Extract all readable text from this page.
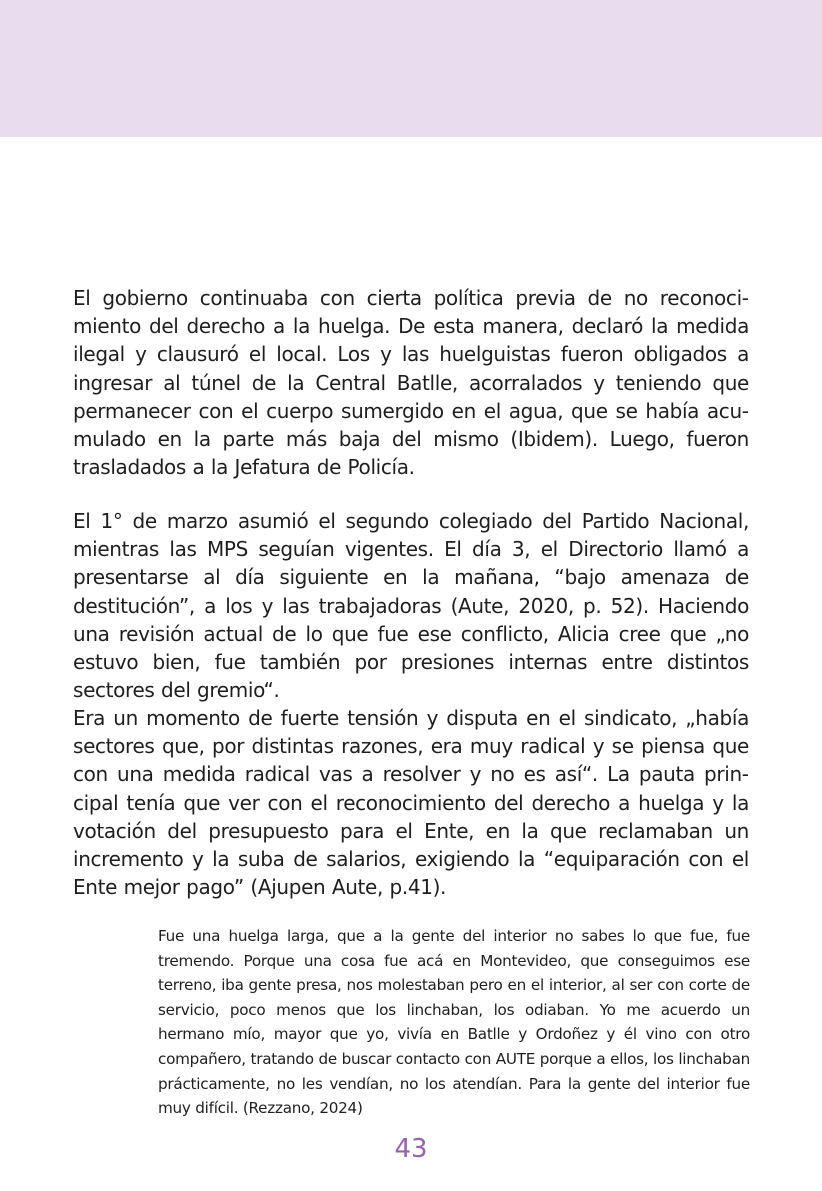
El gobierno continuaba con cierta política previa de no reconocimiento del derecho a la huelga. De esta manera, declaró la medida ilegal y clausuró el local. Los y las huelguistas fueron obligados a ingresar al túnel de la Central Batlle, acorralados y teniendo que permanecer con el cuerpo sumergido en el agua, que se había acumulado en la parte más baja del mismo (Ibidem). Luego, fueron trasladados a la Jefatura de Policía.

El 1° de marzo asumió el segundo colegiado del Partido Nacional, mientras las MPS seguían vigentes. El día 3, el Directorio llamó a presentarse al día siguiente en la mañana, “bajo amenaza de destitución”, a los y las trabajadoras (Aute, 2020, p. 52). Haciendo una revisión actual de lo que fue ese conflicto, Alicia cree que „no estuvo bien, fue también por presiones internas entre distintos sectores del gremio“.

Era un momento de fuerte tensión y disputa en el sindicato, „había sectores que, por distintas razones, era muy radical y se piensa que con una medida radical vas a resolver y no es así“. La pauta principal tenía que ver con el reconocimiento del derecho a huelga y la votación del presupuesto para el Ente, en la que reclamaban un incremento y la suba de salarios, exigiendo la “equiparación con el Ente mejor pago” (Ajupen Aute, p.41).

Fue una huelga larga, que a la gente del interior no sabes lo que fue, fue tremendo. Porque una cosa fue acá en Montevideo, que conseguimos ese terreno, iba gente presa, nos molestaban pero en el interior, al ser con corte de servicio, poco menos que los linchaban, los odiaban. Yo me acuerdo un hermano mío, mayor que yo, vivía en Batlle y Ordoñez y él vino con otro compañero, tratando de buscar contacto con AUTE porque a ellos, los linchaban prácticamente, no les vendían, no los atendían. Para la gente del interior fue muy difícil. (Rezzano, 2024)

43
